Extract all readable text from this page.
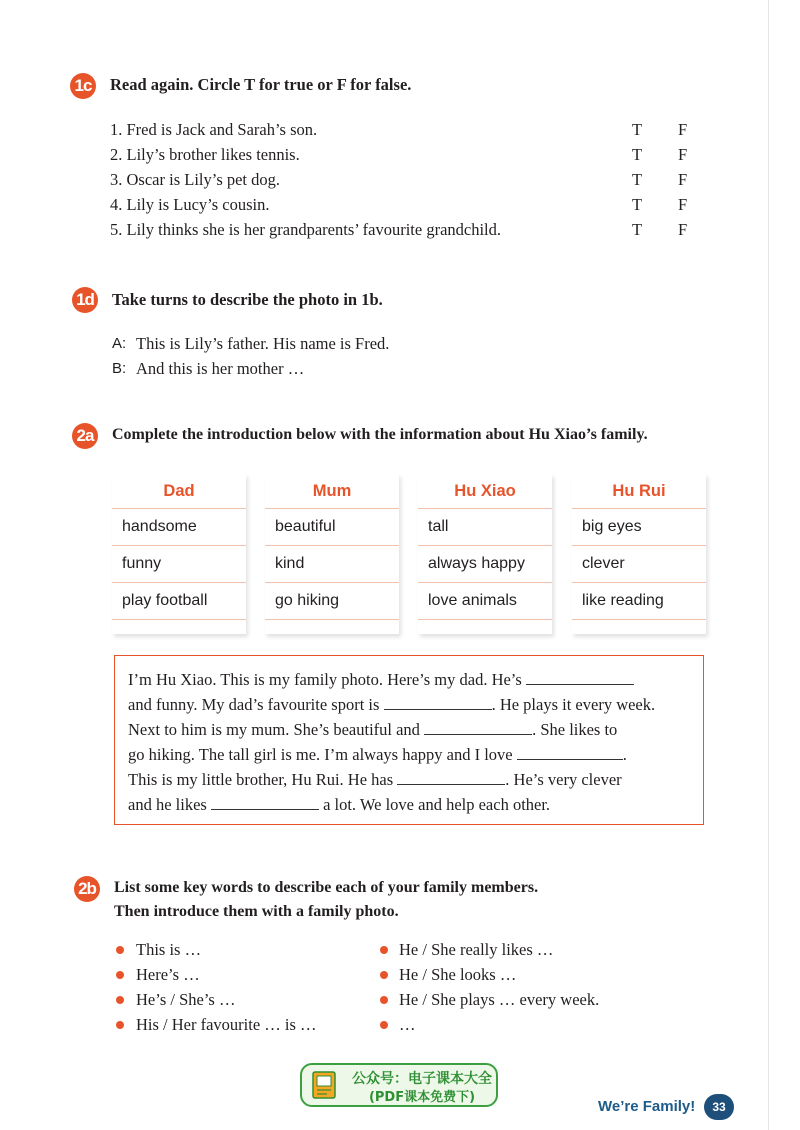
1c Read again. Circle T for true or F for false.
1. Fred is Jack and Sarah’s son.	T F
2. Lily’s brother likes tennis.	T F
3. Oscar is Lily’s pet dog.	T F
4. Lily is Lucy’s cousin.	T F
5. Lily thinks she is her grandparents’ favourite grandchild.	T F
1d Take turns to describe the photo in 1b.
A: This is Lily’s father. His name is Fred.
B: And this is her mother …
2a Complete the introduction below with the information about Hu Xiao’s family.
Dad
handsome
funny
play football
Mum
beautiful
kind
go hiking
Hu Xiao
tall
always happy
love animals
Hu Rui
big eyes
clever
like reading
I’m Hu Xiao. This is my family photo. Here’s my dad. He’s
and funny. My dad’s favourite sport is	. He plays it every week.
Next to him is my mum. She’s beautiful and	. She likes to
go hiking. The tall girl is me. I’m always happy and I love	.
This is my little brother, Hu Rui. He has	. He’s very clever
and he likes	a lot. We love and help each other.
2b List some key words to describe each of your family members.
Then introduce them with a family photo.
This is …
Here’s …
He’s / She’s …
His / Her favourite … is …
He / She really likes …
He / She looks …
He / She plays … every week.
…
公众号：电子课本大全
(PDF课本免费下)
We’re Family!	33
